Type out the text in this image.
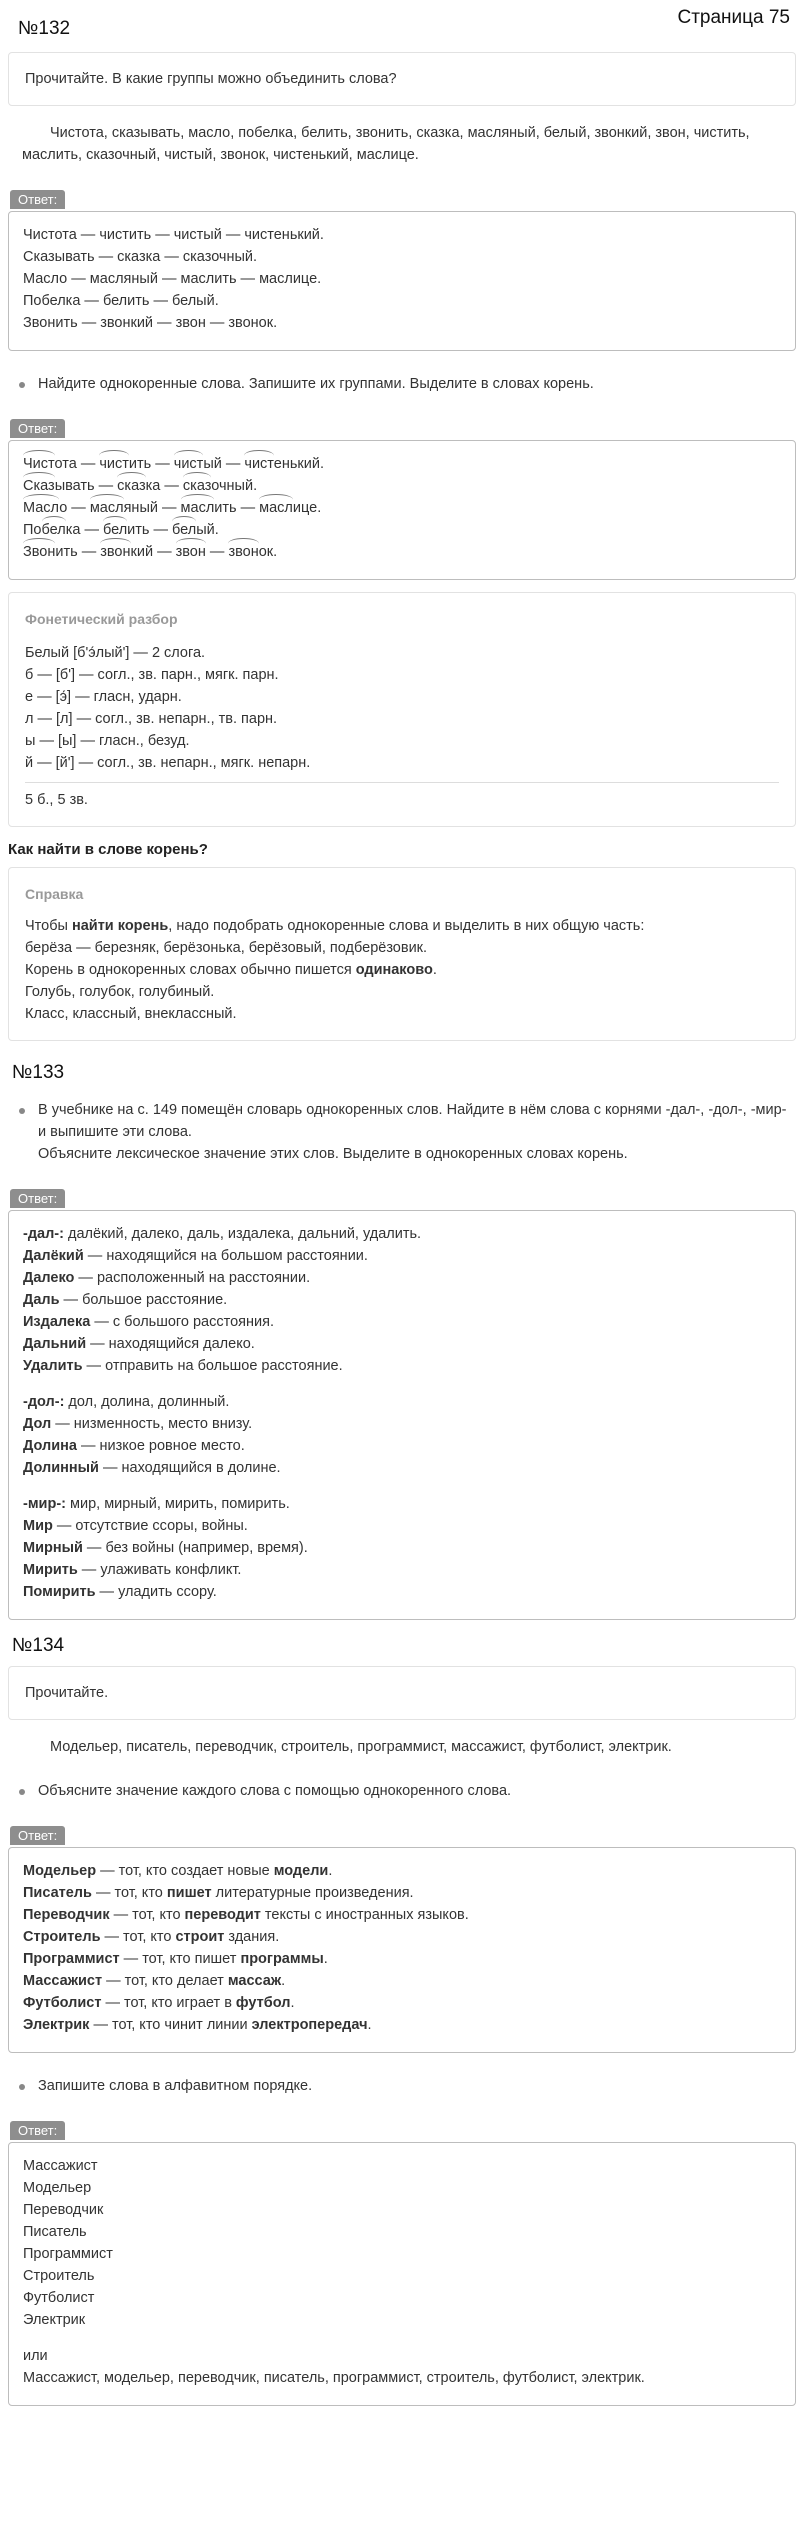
№132
Страница 75

Прочитайте. В какие группы можно объединить слова?

Чистота, сказывать, масло, побелка, белить, звонить, сказка, масляный, белый, звонкий, звон, чистить, маслить, сказочный, чистый, звонок, чистенький, маслице.

Ответ:

Чистота — чистить — чистый — чистенький.

Сказывать — сказка — сказочный.

Масло — масляный — маслить — маслице.

Побелка — белить — белый.

Звонить — звонкий — звон — звонок.

Найдите однокоренные слова. Запишите их группами. Выделите в словах корень.
Ответ:

Чистота — чистить — чистый — чистенький.

Сказывать — сказка — сказочный.

Масло — масляный — маслить — маслице.

Побелка — белить — белый.

Звонить — звонкий — звон — звонок.

Фонетический разбор

Белый [б'э́лый'] — 2 слога.

б — [б'] — согл., зв. парн., мягк. парн.

е — [э́] — гласн, ударн.

л — [л] — согл., зв. непарн., тв. парн.

ы — [ы] — гласн., безуд.

й — [й'] — согл., зв. непарн., мягк. непарн.

5 б., 5 зв.

Как найти в слове корень?
Справка

Чтобы найти корень, надо подобрать однокоренные слова и выделить в них общую часть:

берёза — березняк, берёзонька, берёзовый, подберёзовик.

Корень в однокоренных словах обычно пишется одинаково.

Голубь, голубок, голубиный.

Класс, классный, внеклассный.

№133

В учебнике на с. 149 помещён словарь однокоренных слов. Найдите в нём слова с корнями -дал-, -дол-, -мир- и выпишите эти слова.

Объясните лексическое значение этих слов. Выделите в однокоренных словах корень.

Ответ:

-дал-: далёкий, далеко, даль, издалека, дальний, удалить.

Далёкий — находящийся на большом расстоянии.

Далеко — расположенный на расстоянии.

Даль — большое расстояние.

Издалека — с большого расстояния.

Дальний — находящийся далеко.

Удалить — отправить на большое расстояние.

-дол-: дол, долина, долинный.

Дол — низменность, место внизу.

Долина — низкое ровное место.

Долинный — находящийся в долине.

-мир-: мир, мирный, мирить, помирить.

Мир — отсутствие ссоры, войны.

Мирный — без войны (например, время).

Мирить — улаживать конфликт.

Помирить — уладить ссору.

№134

Прочитайте.

Модельер, писатель, переводчик, строитель, программист, массажист, футболист, электрик.

Объясните значение каждого слова с помощью однокоренного слова.
Ответ:

Модельер — тот, кто создает новые модели.

Писатель — тот, кто пишет литературные произведения.

Переводчик — тот, кто переводит тексты с иностранных языков.

Строитель — тот, кто строит здания.

Программист — тот, кто пишет программы.

Массажист — тот, кто делает массаж.

Футболист — тот, кто играет в футбол.

Электрик — тот, кто чинит линии электропередач.

Запишите слова в алфавитном порядке.
Ответ:

Массажист

Модельер

Переводчик

Писатель

Программист

Строитель

Футболист

Электрик

или

Массажист, модельер, переводчик, писатель, программист, строитель, футболист, электрик.
